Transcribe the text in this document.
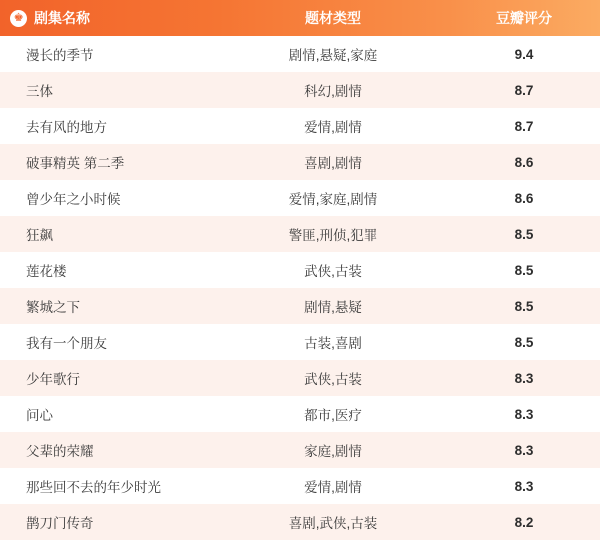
♚ 剧集名称	题材类型	豆瓣评分
漫长的季节	剧情,悬疑,家庭	9.4
三体	科幻,剧情	8.7
去有风的地方	爱情,剧情	8.7
破事精英 第二季	喜剧,剧情	8.6
曾少年之小时候	爱情,家庭,剧情	8.6
狂飙	警匪,刑侦,犯罪	8.5
莲花楼	武侠,古装	8.5
繁城之下	剧情,悬疑	8.5
我有一个朋友	古装,喜剧	8.5
少年歌行	武侠,古装	8.3
问心	都市,医疗	8.3
父辈的荣耀	家庭,剧情	8.3
那些回不去的年少时光	爱情,剧情	8.3
鹊刀门传奇	喜剧,武侠,古装	8.2
